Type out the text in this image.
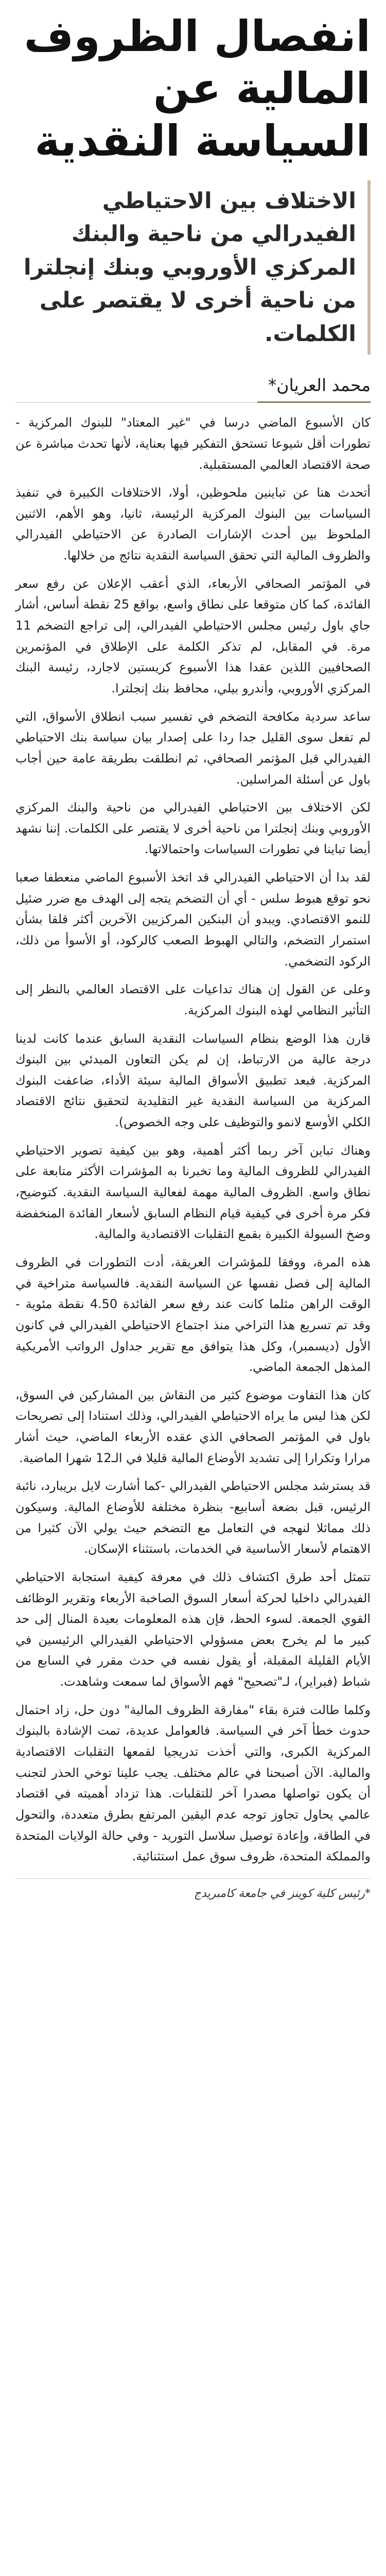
انفصال الظروف المالية عن السياسة النقدية
الاختلاف بين الاحتياطي الفيدرالي من ناحية والبنك المركزي الأوروبي وبنك إنجلترا من ناحية أخرى لا يقتصر على الكلمات.
محمد العريان*

كان الأسبوع الماضي درسا في "غير المعتاد" للبنوك المركزية - تطورات أقل شيوعا تستحق التفكير فيها بعناية، لأنها تحدث مباشرة عن صحة الاقتصاد العالمي المستقبلية.

أتحدث هنا عن تباينين ملحوظين، أولا، الاختلافات الكبيرة في تنفيذ السياسات بين البنوك المركزية الرئيسة، ثانيا، وهو الأهم، الاثنين الملحوظ بين أحدث الإشارات الصادرة عن الاحتياطي الفيدرالي والظروف المالية التي تحقق السياسة النقدية نتائج من خلالها.

في المؤتمر الصحافي الأربعاء، الذي أعقب الإعلان عن رفع سعر الفائدة، كما كان متوقعا على نطاق واسع، بواقع 25 نقطة أساس، أشار جاي باول رئيس مجلس الاحتياطي الفيدرالي، إلى تراجع التضخم 11 مرة. في المقابل، لم تذكر الكلمة على الإطلاق في المؤتمرين الصحافيين اللذين عقدا هذا الأسبوع كريستين لاجارد، رئيسة البنك المركزي الأوروبي، وأندرو بيلي، محافظ بنك إنجلترا.

ساعد سردية مكافحة التضخم في تفسير سبب انطلاق الأسواق، التي لم تفعل سوى القليل جدا ردا على إصدار بيان سياسة بنك الاحتياطي الفيدرالي قبل المؤتمر الصحافي، ثم انطلقت بطريقة عامة حين أجاب باول عن أسئلة المراسلين.

لكن الاختلاف بين الاحتياطي الفيدرالي من ناحية والبنك المركزي الأوروبي وبنك إنجلترا من ناحية أخرى لا يقتصر على الكلمات. إننا نشهد أيضا تباينا في تطورات السياسات واحتمالاتها.

لقد بدا أن الاحتياطي الفيدرالي قد اتخذ الأسبوع الماضي منعطفا صعبا نحو توقع هبوط سلس - أي أن التضخم يتجه إلى الهدف مع ضرر ضئيل للنمو الاقتصادي. ويبدو أن البنكين المركزيين الآخرين أكثر قلقا بشأن استمرار التضخم، والتالي الهبوط الصعب كالركود، أو الأسوأ من ذلك، الركود التضخمي.

وعلى عن القول إن هناك تداعيات على الاقتصاد العالمي بالنظر إلى التأثير النظامي لهذه البنوك المركزية.

قارن هذا الوضع بنظام السياسات النقدية السابق عندما كانت لدينا درجة عالية من الارتباط، إن لم يكن التعاون المبدئي بين البنوك المركزية. فبعد تطبيق الأسواق المالية سيئة الأداء، ضاعفت البنوك المركزية من السياسة النقدية غير التقليدية لتحقيق نتائج الاقتصاد الكلي الأوسع لانمو والتوظيف على وجه الخصوص).

وهناك تباين آخر ربما أكثر أهمية، وهو بين كيفية تصوير الاحتياطي الفيدرالي للظروف المالية وما تخبرنا به المؤشرات الأكثر متابعة على نطاق واسع. الظروف المالية مهمة لفعالية السياسة النقدية. كتوضيح، فكر مرة أخرى في كيفية قيام النظام السابق لأسعار الفائدة المنخفضة وضخ السيولة الكبيرة بقمع التقلبات الاقتصادية والمالية.

هذه المرة، ووفقا للمؤشرات العريقة، أدت التطورات في الظروف المالية إلى فصل نفسها عن السياسة النقدية. فالسياسة متراخية في الوقت الراهن مثلما كانت عند رفع سعر الفائدة 4.50 نقطة مئوية - وقد تم تسريع هذا التراخي منذ اجتماع الاحتياطي الفيدرالي في كانون الأول (ديسمبر)، وكل هذا يتوافق مع تقرير جداول الرواتب الأمريكية المذهل الجمعة الماضي.

كان هذا التفاوت موضوع كثير من النقاش بين المشاركين في السوق، لكن هذا ليس ما يراه الاحتياطي الفيدرالي، وذلك استنادا إلى تصريحات باول في المؤتمر الصحافي الذي عقده الأربعاء الماضي، حيث أشار مرارا وتكرارا إلى تشديد الأوضاع المالية قليلا في الـ12 شهرا الماضية.

قد يسترشد مجلس الاحتياطي الفيدرالي -كما أشارت لايل بريبارد، نائبة الرئيس، قبل بضعة أسابيع- بنظرة مختلفة للأوضاع المالية. وسيكون ذلك مماثلا لنهجه في التعامل مع التضخم حيث يولي الآن كثيرا من الاهتمام لأسعار الأساسية في الخدمات، باستثناء الإسكان.

تتمثل أحد طرق اكتشاف ذلك في معرفة كيفية استجابة الاحتياطي الفيدرالي داخليا لحركة أسعار السوق الصاخبة الأربعاء وتقرير الوظائف القوي الجمعة. لسوء الحظ، فإن هذه المعلومات بعيدة المنال إلى حد كبير ما لم يخرج بعض مسؤولي الاحتياطي الفيدرالي الرئيسين في الأيام القليلة المقبلة، أو يقول نفسه في حدث مقرر في السابع من شباط (فبراير)، لـ"تصحيح" فهم الأسواق لما سمعت وشاهدت.

وكلما طالت فترة بقاء "مفارقة الظروف المالية" دون حل، زاد احتمال حدوث خطأ آخر في السياسة. فالعوامل عديدة، تمت الإشادة بالبنوك المركزية الكبرى، والتي أخذت تدريجيا لقمعها التقلبات الاقتصادية والمالية. الآن أصبحنا في عالم مختلف. يجب علينا توخي الحذر لتجنب أن يكون تواصلها مصدرا آخر للتقلبات. هذا تزداد أهميته في اقتصاد عالمي يحاول تجاوز توجه عدم اليقين المرتفع بطرق متعددة، والتحول في الطاقة، وإعادة توصيل سلاسل التوريد - وفي حالة الولايات المتحدة والمملكة المتحدة، ظروف سوق عمل استثنائية.

*رئيس كلية كوينز في جامعة كامبريدج
